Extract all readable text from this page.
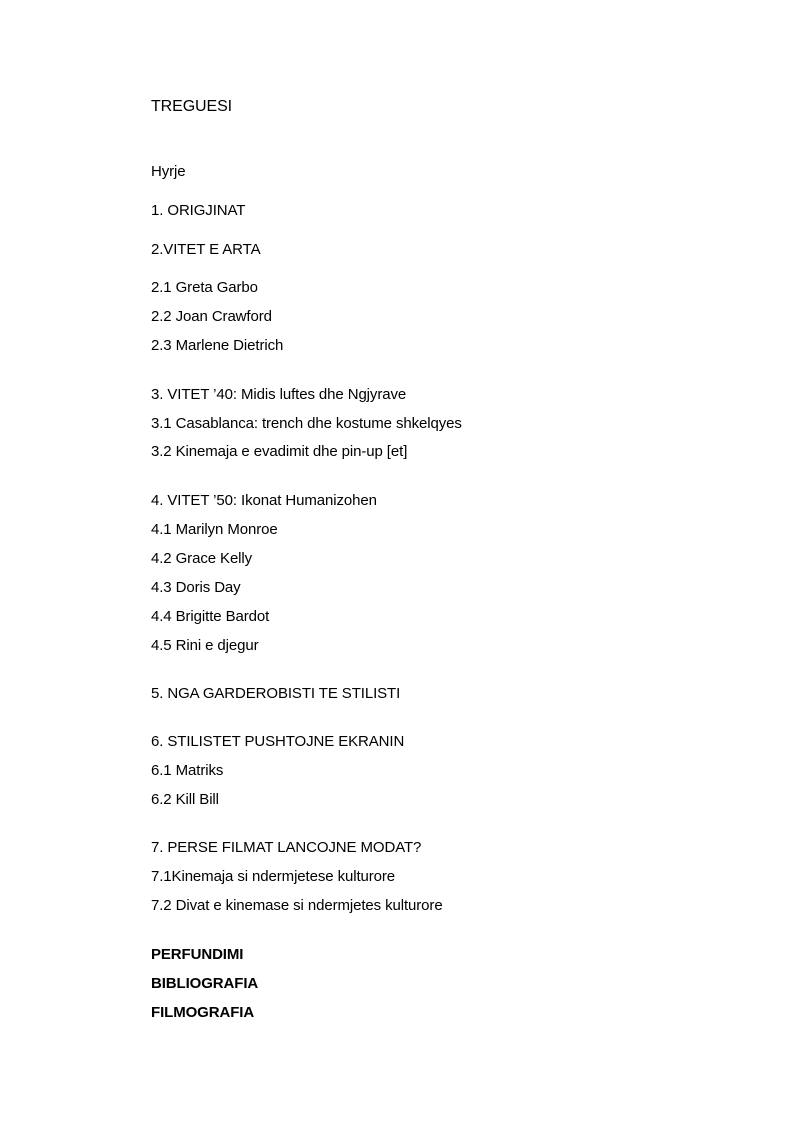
TREGUESI
Hyrje
1. ORIGJINAT
2.VITET E ARTA
2.1 Greta Garbo
2.2 Joan Crawford
2.3 Marlene Dietrich
3. VITET ’40: Midis luftes dhe Ngjyrave
3.1 Casablanca: trench dhe kostume shkelqyes
3.2 Kinemaja e evadimit dhe pin-up [et]
4. VITET ’50: Ikonat Humanizohen
4.1 Marilyn Monroe
4.2 Grace Kelly
4.3 Doris Day
4.4 Brigitte Bardot
4.5 Rini e djegur
5. NGA GARDEROBISTI TE STILISTI
6. STILISTET PUSHTOJNE EKRANIN
6.1 Matriks
6.2 Kill Bill
7. PERSE FILMAT LANCOJNE MODAT?
7.1Kinemaja si ndermjetese kulturore
7.2 Divat e kinemase si ndermjetes kulturore
PERFUNDIMI
BIBLIOGRAFIA
FILMOGRAFIA
